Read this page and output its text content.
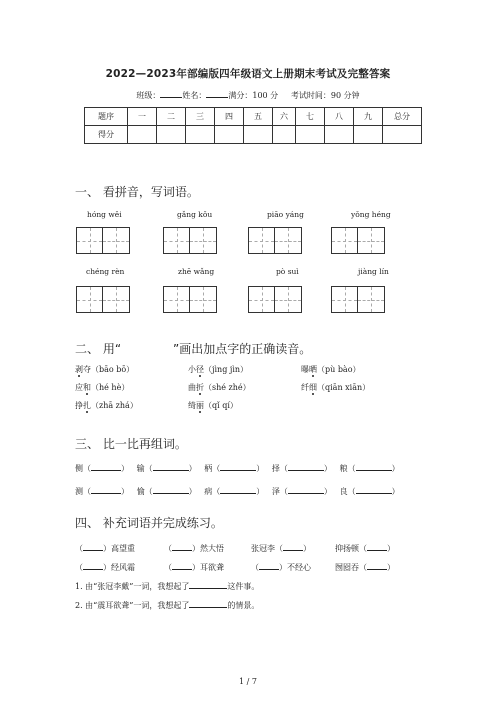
2022—2023年部编版四年级语文上册期末考试及完整答案
班级：	姓名：	满分：100 分 考试时间：90 分钟
题序	一	二	三	四	五	六	七	八	九	总分
得分										
一、 看拼音，写词语。
hóng wěi	gǎng kǒu	piāo yáng	yǒng héng
chéng rèn	zhē wǎng	pò suì	jiàng lín
二、 用“	”画出加点字的正确读音。
剥夺（bāo bō）	小径（jìng jìn）	曝晒（pù bào）
应和（hé hè）	曲折（shé zhé）	纤细（qiān xiān）
挣扎（zhā zhá）	绮丽（qǐ qí）
三、 比一比再组词。
侧（	）   输（	）   柄（	）   择（	）   粮（	）
测（	）   愉（	）   病（	）   泽（	）   良（	）
四、 补充词语并完成练习。
（	）高望重	（	）然大悟	张冠李（	）	抑扬顿（	）
（	）经风霜	（	）耳欲聋	（	）不经心	囫囵吞（	）
1. 由“张冠李戴”一词，我想起了	这件事。
2. 由“震耳欲聋”一词，我想起了	的情景。
1 / 7
